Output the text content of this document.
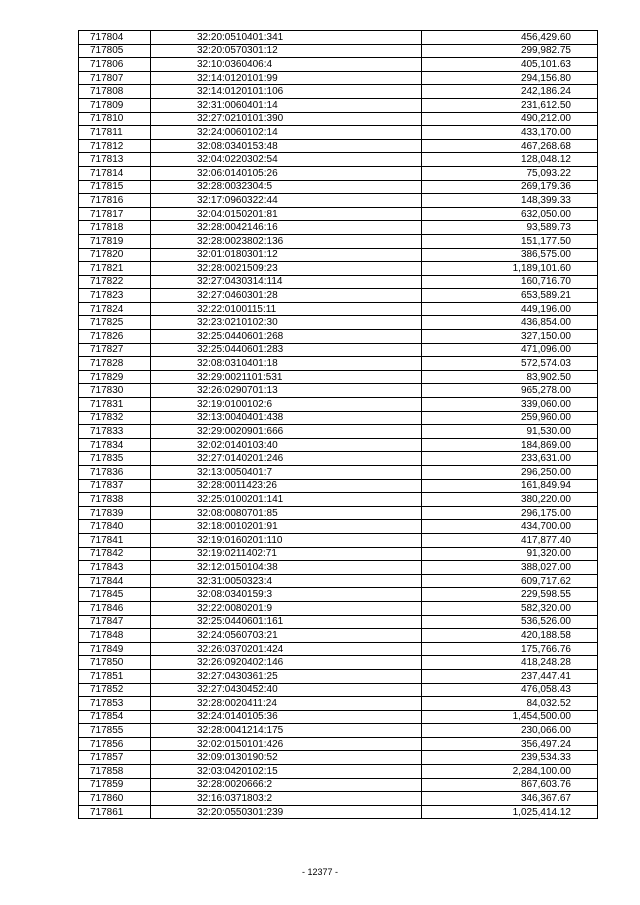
717804	32:20:0510401:341	456,429.60
717805	32:20:0570301:12	299,982.75
717806	32:10:0360406:4	405,101.63
717807	32:14:0120101:99	294,156.80
717808	32:14:0120101:106	242,186.24
717809	32:31:0060401:14	231,612.50
717810	32:27:0210101:390	490,212.00
717811	32:24:0060102:14	433,170.00
717812	32:08:0340153:48	467,268.68
717813	32:04:0220302:54	128,048.12
717814	32:06:0140105:26	75,093.22
717815	32:28:0032304:5	269,179.36
717816	32:17:0960322:44	148,399.33
717817	32:04:0150201:81	632,050.00
717818	32:28:0042146:16	93,589.73
717819	32:28:0023802:136	151,177.50
717820	32:01:0180301:12	386,575.00
717821	32:28:0021509:23	1,189,101.60
717822	32:27:0430314:114	160,716.70
717823	32:27:0460301:28	653,589.21
717824	32:22:0100115:11	449,196.00
717825	32:23:0210102:30	436,854.00
717826	32:25:0440601:268	327,150.00
717827	32:25:0440601:283	471,096.00
717828	32:08:0310401:18	572,574.03
717829	32:29:0021101:531	83,902.50
717830	32:26:0290701:13	965,278.00
717831	32:19:0100102:6	339,060.00
717832	32:13:0040401:438	259,960.00
717833	32:29:0020901:666	91,530.00
717834	32:02:0140103:40	184,869.00
717835	32:27:0140201:246	233,631.00
717836	32:13:0050401:7	296,250.00
717837	32:28:0011423:26	161,849.94
717838	32:25:0100201:141	380,220.00
717839	32:08:0080701:85	296,175.00
717840	32:18:0010201:91	434,700.00
717841	32:19:0160201:110	417,877.40
717842	32:19:0211402:71	91,320.00
717843	32:12:0150104:38	388,027.00
717844	32:31:0050323:4	609,717.62
717845	32:08:0340159:3	229,598.55
717846	32:22:0080201:9	582,320.00
717847	32:25:0440601:161	536,526.00
717848	32:24:0560703:21	420,188.58
717849	32:26:0370201:424	175,766.76
717850	32:26:0920402:146	418,248.28
717851	32:27:0430361:25	237,447.41
717852	32:27:0430452:40	476,058.43
717853	32:28:0020411:24	84,032.52
717854	32:24:0140105:36	1,454,500.00
717855	32:28:0041214:175	230,066.00
717856	32:02:0150101:426	356,497.24
717857	32:09:0130190:52	239,534.33
717858	32:03:0420102:15	2,284,100.00
717859	32:28:0020666:2	867,603.76
717860	32:16:0371803:2	346,367.67
717861	32:20:0550301:239	1,025,414.12
- 12377 -
